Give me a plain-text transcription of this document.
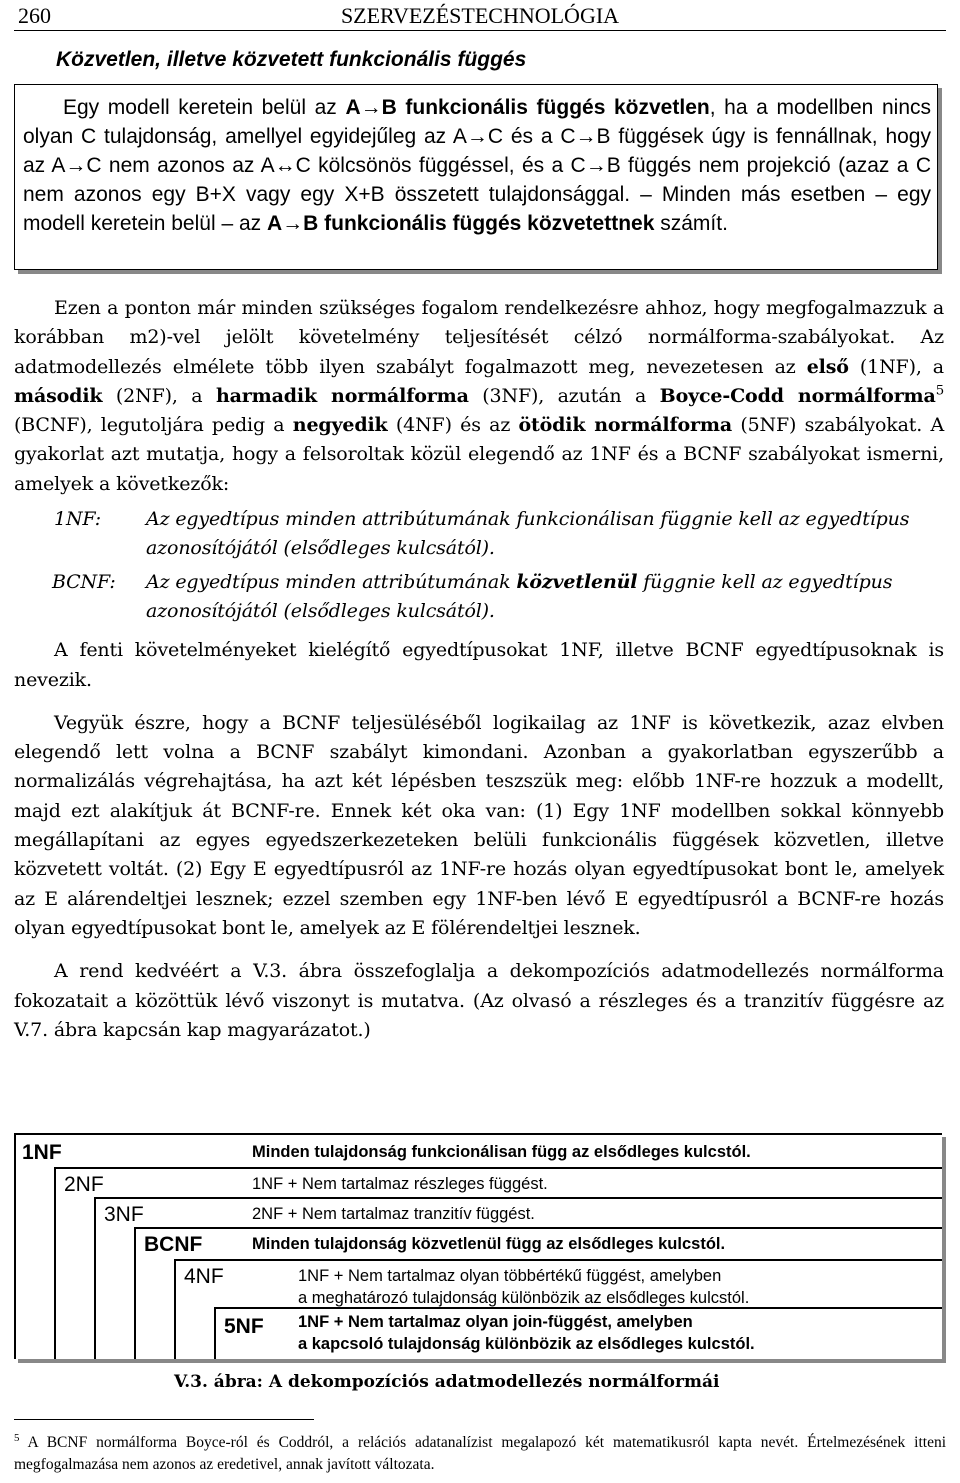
260	SZERVEZÉSTECHNOLÓGIA
Közvetlen, illetve közvetett funkcionális függés

Egy modell keretein belül az A→B funkcionális függés közvetlen, ha a modellben nincs olyan C tulajdonság, amellyel egyidejűleg az A→C és a C→B függések úgy is fennállnak, hogy az A→C nem azonos az A↔C kölcsönös függéssel, és a C→B függés nem projekció (azaz a C nem azonos egy B+X vagy egy X+B összetett tulajdonsággal. – Minden más esetben – egy modell keretein belül – az A→B funkcionális függés közvetettnek számít.

Ezen a ponton már minden szükséges fogalom rendelkezésre ahhoz, hogy megfogalmazzuk a korábban m2)-vel jelölt követelmény teljesítését célzó normálforma-szabályokat. Az adatmodellezés elmélete több ilyen szabályt fogalmazott meg, nevezetesen az első (1NF), a második (2NF), a harmadik normálforma (3NF), azután a Boyce-Codd normálforma$^5$ (BCNF), legutoljára pedig a negyedik (4NF) és az ötödik normálforma (5NF) szabályokat. A gyakorlat azt mutatja, hogy a felsoroltak közül elegendő az 1NF és a BCNF szabályokat ismerni, amelyek a következők:

1NF:	Az egyedtípus minden attribútumának funkcionálisan függnie kell az egyedtípus azonosítójától (elsődleges kulcsától).
BCNF:	Az egyedtípus minden attribútumának közvetlenül függnie kell az egyedtípus azonosítójától (elsődleges kulcsától).

A fenti követelményeket kielégítő egyedtípusokat 1NF, illetve BCNF egyedtípusoknak is nevezik.

Vegyük észre, hogy a BCNF teljesüléséből logikailag az 1NF is következik, azaz elvben elegendő lett volna a BCNF szabályt kimondani. Azonban a gyakorlatban egyszerűbb a normalizálás végrehajtása, ha azt két lépésben teszszük meg: előbb 1NF-re hozzuk a modellt, majd ezt alakítjuk át BCNF-re. Ennek két oka van: (1) Egy 1NF modellben sokkal könnyebb megállapítani az egyes egyedszerkezeteken belüli funkcionális függések közvetlen, illetve közvetett voltát. (2) Egy E egyedtípusról az 1NF-re hozás olyan egyedtípusokat bont le, amelyek az E alárendeltjei lesznek; ezzel szemben egy 1NF-ben lévő E egyedtípusról a BCNF-re hozás olyan egyedtípusokat bont le, amelyek az E fölérendeltjei lesznek.

A rend kedvéért a V.3. ábra összefoglalja a dekompozíciós adatmodellezés normálforma fokozatait a közöttük lévő viszonyt is mutatva. (Az olvasó a részleges és a tranzitív függésre az V.7. ábra kapcsán kap magyarázatot.)

1NF	Minden tulajdonság funkcionálisan függ az elsődleges kulcstól.
2NF	1NF + Nem tartalmaz részleges függést.
3NF	2NF + Nem tartalmaz tranzitív függést.
BCNF	Minden tulajdonság közvetlenül függ az elsődleges kulcstól.
4NF	1NF + Nem tartalmaz olyan többértékű függést, amelyben
a meghatározó tulajdonság különbözik az elsődleges kulcstól.
5NF 1NF + Nem tartalmaz olyan join-függést, amelyben
a kapcsoló tulajdonság különbözik az elsődleges kulcstól.
V.3. ábra: A dekompozíciós adatmodellezés normálformái
$^5$ A BCNF normálforma Boyce-ról és Coddról, a relációs adatanalízist megalapozó két matematikusról kapta nevét. Értelmezésének itteni megfogalmazása nem azonos az eredetivel, annak javított változata.
